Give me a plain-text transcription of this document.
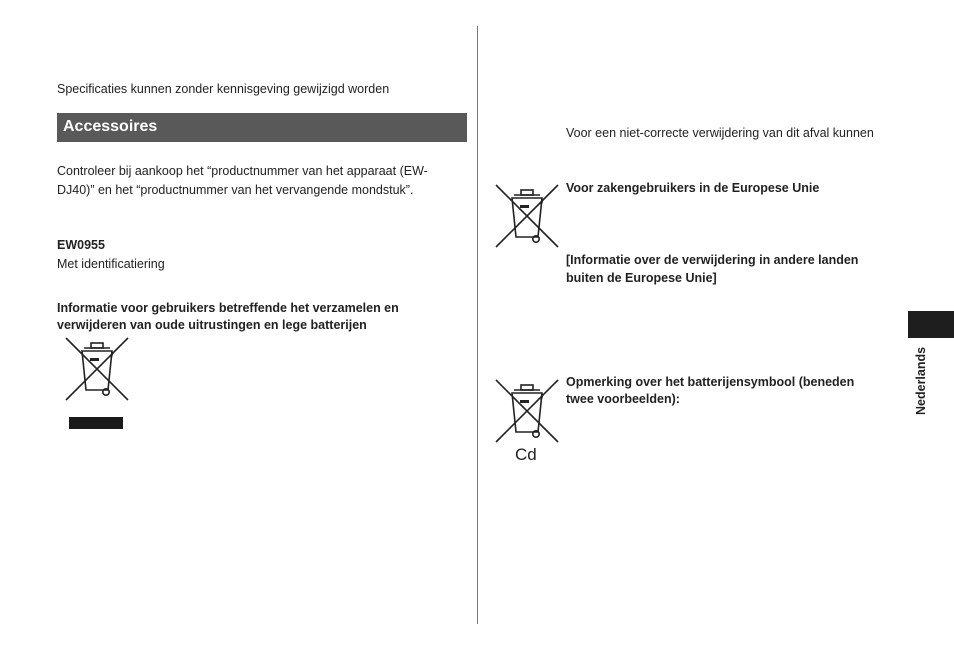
Specificaties kunnen zonder kennisgeving gewijzigd worden
Accessoires
Controleer bij aankoop het “productnummer van het apparaat (EW-
DJ40)” en het “productnummer van het vervangende mondstuk”.
EW0955
Met identificatiering
Informatie voor gebruikers betreffende het verzamelen en
verwijderen van oude uitrustingen en lege batterijen
Voor een niet-correcte verwijdering van dit afval kunnen
Voor zakengebruikers in de Europese Unie
[Informatie over de verwijdering in andere landen
buiten de Europese Unie]
Cd
Opmerking over het batterijensymbool (beneden
twee voorbeelden):	Nederlands
